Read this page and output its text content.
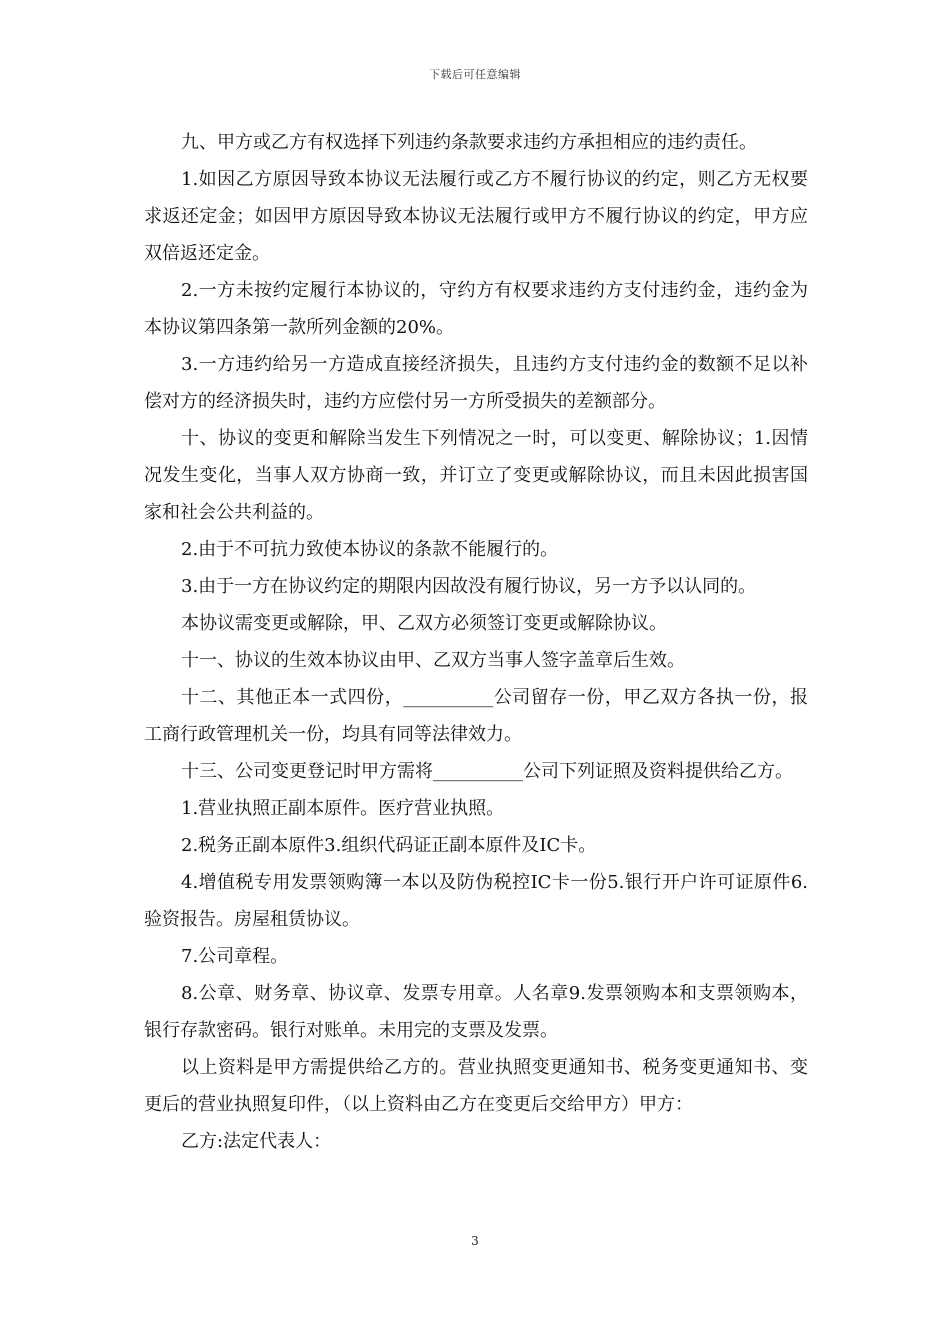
下载后可任意编辑

九、甲方或乙方有权选择下列违约条款要求违约方承担相应的违约责任。

1.如因乙方原因导致本协议无法履行或乙方不履行协议的约定，则乙方无权要求返还定金；如因甲方原因导致本协议无法履行或甲方不履行协议的约定，甲方应双倍返还定金。

2.一方未按约定履行本协议的，守约方有权要求违约方支付违约金，违约金为本协议第四条第一款所列金额的20%。

3.一方违约给另一方造成直接经济损失，且违约方支付违约金的数额不足以补偿对方的经济损失时，违约方应偿付另一方所受损失的差额部分。

十、协议的变更和解除当发生下列情况之一时，可以变更、解除协议；1.因情况发生变化，当事人双方协商一致，并订立了变更或解除协议，而且未因此损害国家和社会公共利益的。

2.由于不可抗力致使本协议的条款不能履行的。

3.由于一方在协议约定的期限内因故没有履行协议，另一方予以认同的。

本协议需变更或解除，甲、乙双方必须签订变更或解除协议。

十一、协议的生效本协议由甲、乙双方当事人签字盖章后生效。

十二、其他正本一式四份，__________公司留存一份，甲乙双方各执一份，报工商行政管理机关一份，均具有同等法律效力。

十三、公司变更登记时甲方需将__________公司下列证照及资料提供给乙方。

1.营业执照正副本原件。医疗营业执照。

2.税务正副本原件3.组织代码证正副本原件及IC卡。

4.增值税专用发票领购簿一本以及防伪税控IC卡一份5.银行开户许可证原件6.验资报告。房屋租赁协议。

7.公司章程。

8.公章、财务章、协议章、发票专用章。人名章9.发票领购本和支票领购本，银行存款密码。银行对账单。未用完的支票及发票。

以上资料是甲方需提供给乙方的。营业执照变更通知书、税务变更通知书、变更后的营业执照复印件，（以上资料由乙方在变更后交给甲方）甲方：

乙方:法定代表人：

3
